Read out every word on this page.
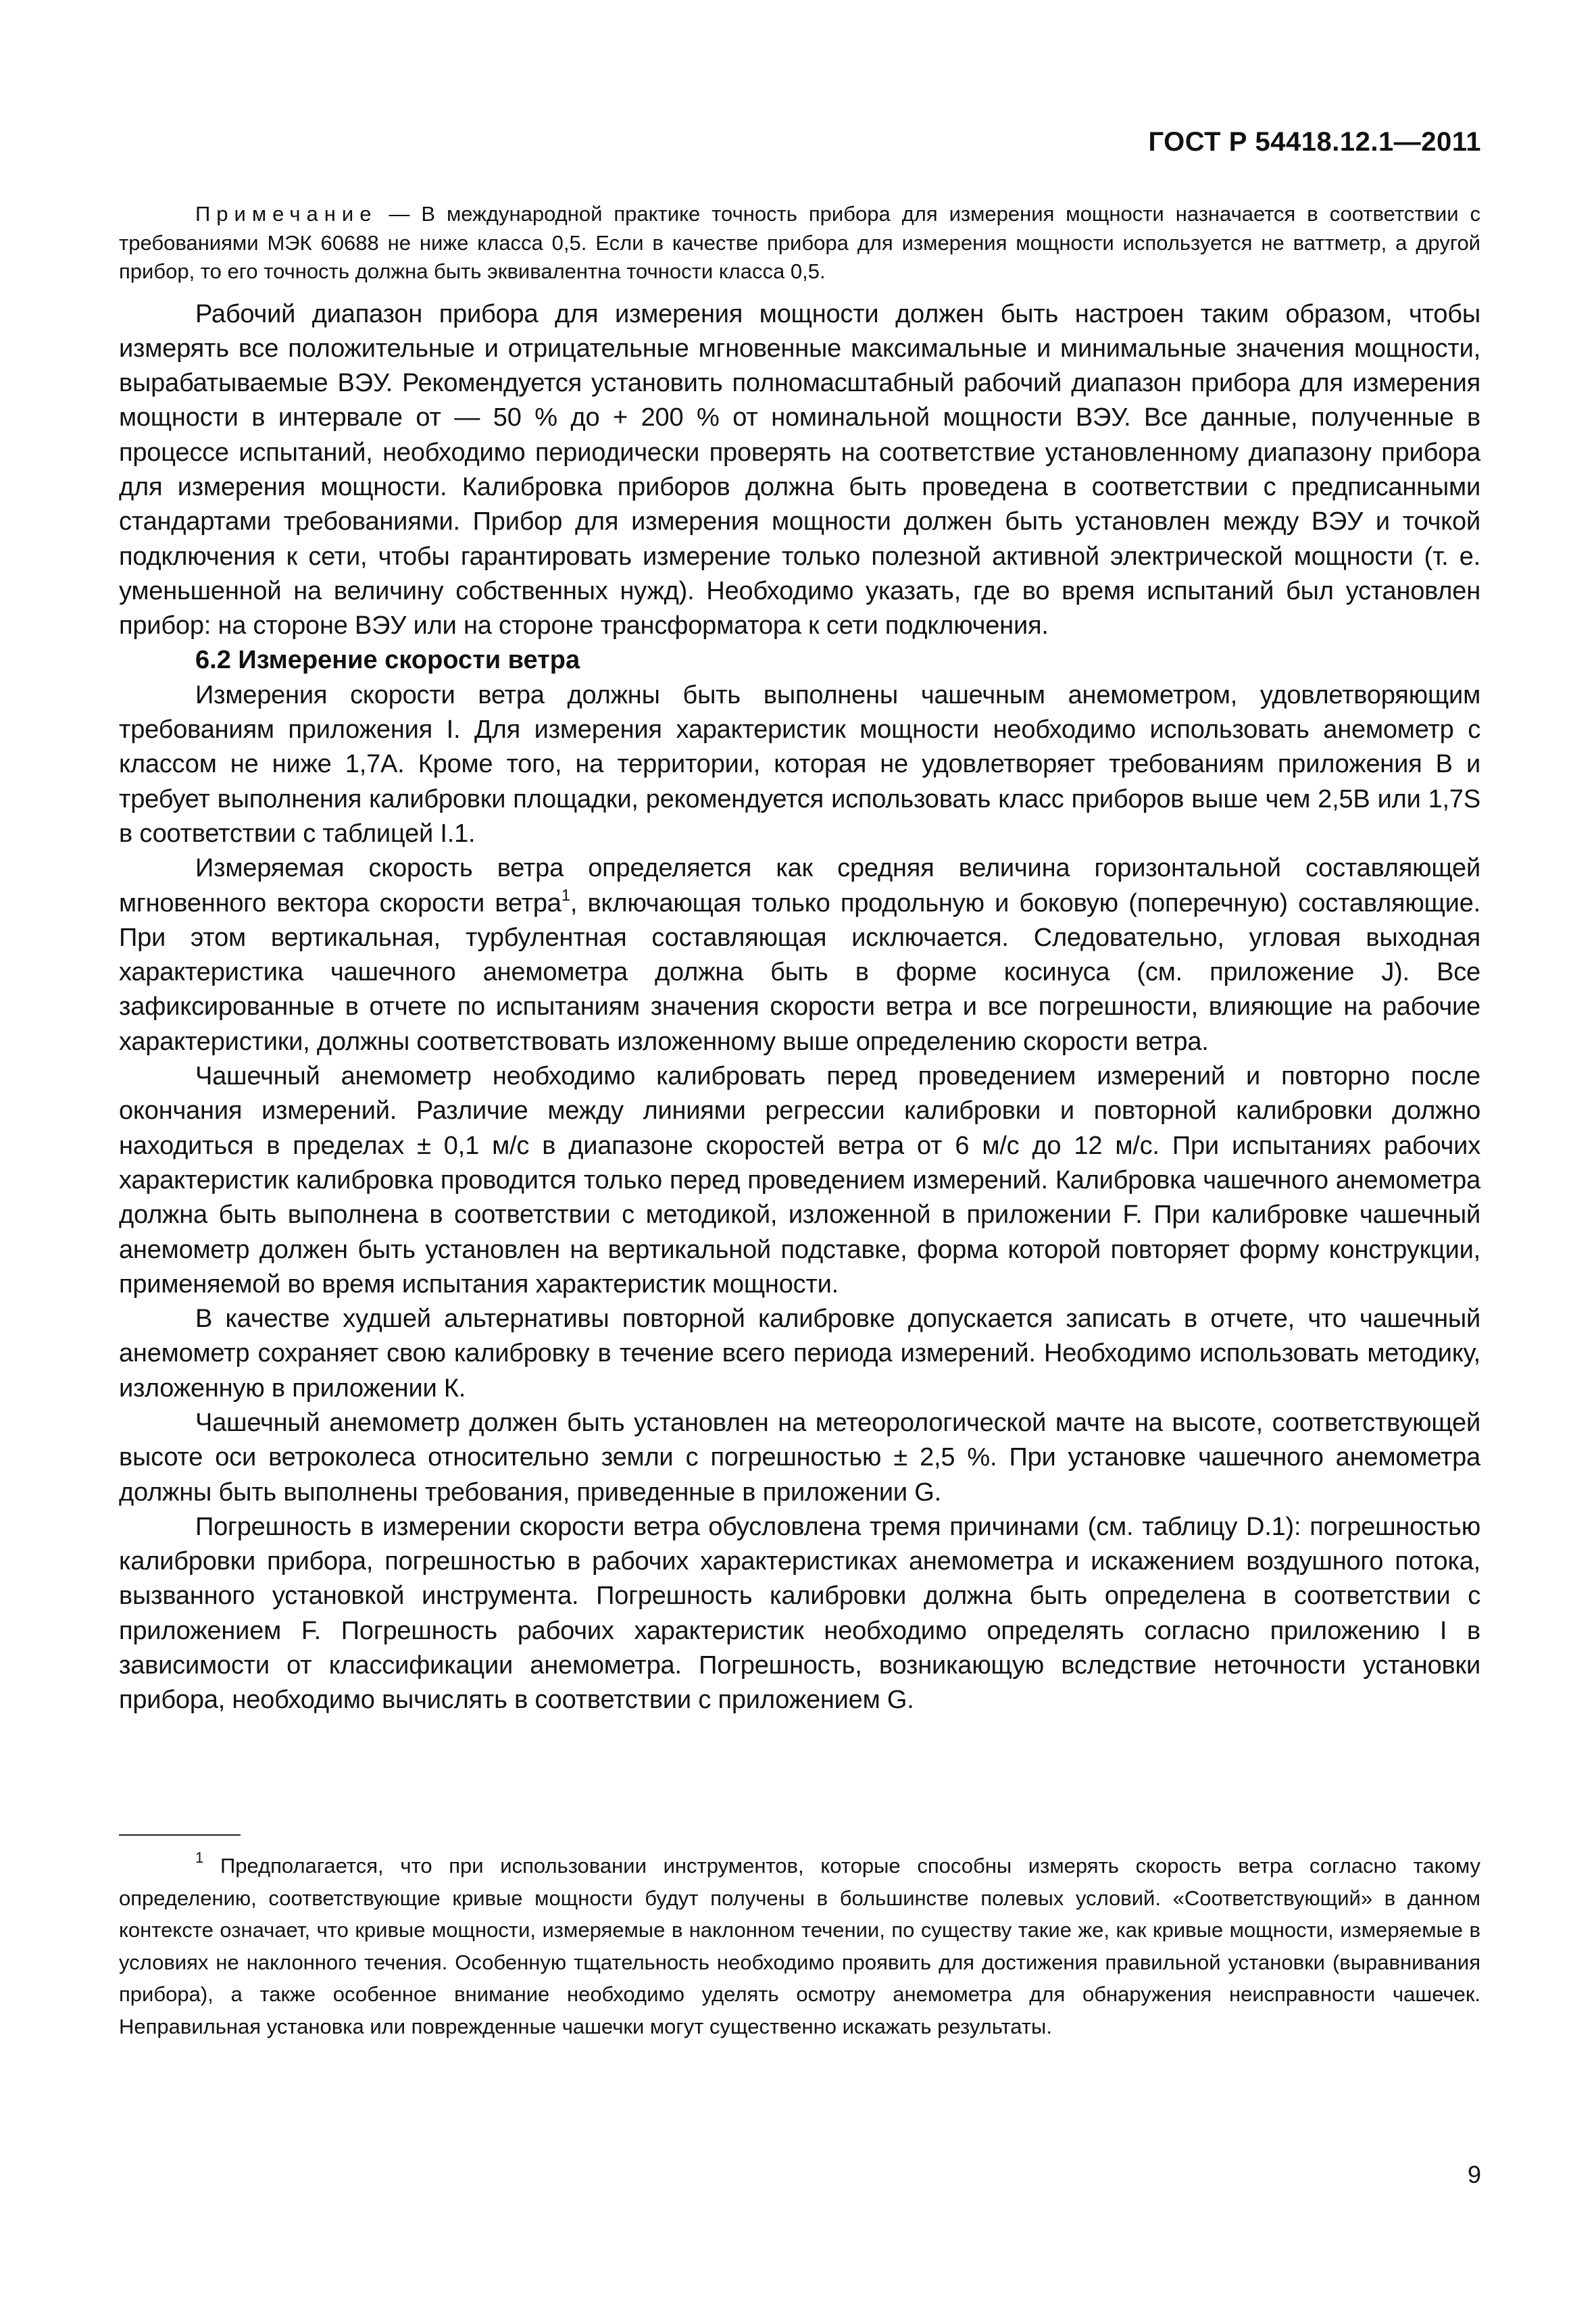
ГОСТ Р 54418.12.1—2011

Примечание — В международной практике точность прибора для измерения мощности назначается в соответствии с требованиями МЭК 60688 не ниже класса 0,5. Если в качестве прибора для измерения мощности используется не ваттметр, а другой прибор, то его точность должна быть эквивалентна точности класса 0,5.

Рабочий диапазон прибора для измерения мощности должен быть настроен таким образом, чтобы измерять все положительные и отрицательные мгновенные максимальные и минимальные значения мощности, вырабатываемые ВЭУ. Рекомендуется установить полномасштабный рабочий диапазон прибора для измерения мощности в интервале от — 50 % до + 200 % от номинальной мощности ВЭУ. Все данные, полученные в процессе испытаний, необходимо периодически проверять на соответствие установленному диапазону прибора для измерения мощности. Калибровка приборов должна быть проведена в соответствии с предписанными стандартами требованиями. Прибор для измерения мощности должен быть установлен между ВЭУ и точкой подключения к сети, чтобы гарантировать измерение только полезной активной электрической мощности (т. е. уменьшенной на величину собственных нужд). Необходимо указать, где во время испытаний был установлен прибор: на стороне ВЭУ или на стороне трансформатора к сети подключения.

6.2 Измерение скорости ветра

Измерения скорости ветра должны быть выполнены чашечным анемометром, удовлетворяющим требованиям приложения I. Для измерения характеристик мощности необходимо использовать анемометр с классом не ниже 1,7А. Кроме того, на территории, которая не удовлетворяет требованиям приложения В и требует выполнения калибровки площадки, рекомендуется использовать класс приборов выше чем 2,5В или 1,7S в соответствии с таблицей I.1.

Измеряемая скорость ветра определяется как средняя величина горизонтальной составляющей мгновенного вектора скорости ветра$^1$, включающая только продольную и боковую (поперечную) составляющие. При этом вертикальная, турбулентная составляющая исключается. Следовательно, угловая выходная характеристика чашечного анемометра должна быть в форме косинуса (см. приложение J). Все зафиксированные в отчете по испытаниям значения скорости ветра и все погрешности, влияющие на рабочие характеристики, должны соответствовать изложенному выше определению скорости ветра.

Чашечный анемометр необходимо калибровать перед проведением измерений и повторно после окончания измерений. Различие между линиями регрессии калибровки и повторной калибровки должно находиться в пределах ± 0,1 м/с в диапазоне скоростей ветра от 6 м/с до 12 м/с. При испытаниях рабочих характеристик калибровка проводится только перед проведением измерений. Калибровка чашечного анемометра должна быть выполнена в соответствии с методикой, изложенной в приложении F. При калибровке чашечный анемометр должен быть установлен на вертикальной подставке, форма которой повторяет форму конструкции, применяемой во время испытания характеристик мощности.

В качестве худшей альтернативы повторной калибровке допускается записать в отчете, что чашечный анемометр сохраняет свою калибровку в течение всего периода измерений. Необходимо использовать методику, изложенную в приложении К.

Чашечный анемометр должен быть установлен на метеорологической мачте на высоте, соответствующей высоте оси ветроколеса относительно земли с погрешностью ± 2,5 %. При установке чашечного анемометра должны быть выполнены требования, приведенные в приложении G.

Погрешность в измерении скорости ветра обусловлена тремя причинами (см. таблицу D.1): погрешностью калибровки прибора, погрешностью в рабочих характеристиках анемометра и искажением воздушного потока, вызванного установкой инструмента. Погрешность калибровки должна быть определена в соответствии с приложением F. Погрешность рабочих характеристик необходимо определять согласно приложению I в зависимости от классификации анемометра. Погрешность, возникающую вследствие неточности установки прибора, необходимо вычислять в соответствии с приложением G.

$^1$ Предполагается, что при использовании инструментов, которые способны измерять скорость ветра согласно такому определению, соответствующие кривые мощности будут получены в большинстве полевых условий. «Соответствующий» в данном контексте означает, что кривые мощности, измеряемые в наклонном течении, по существу такие же, как кривые мощности, измеряемые в условиях не наклонного течения. Особенную тщательность необходимо проявить для достижения правильной установки (выравнивания прибора), а также особенное внимание необходимо уделять осмотру анемометра для обнаружения неисправности чашечек. Неправильная установка или поврежденные чашечки могут существенно искажать результаты.

9
